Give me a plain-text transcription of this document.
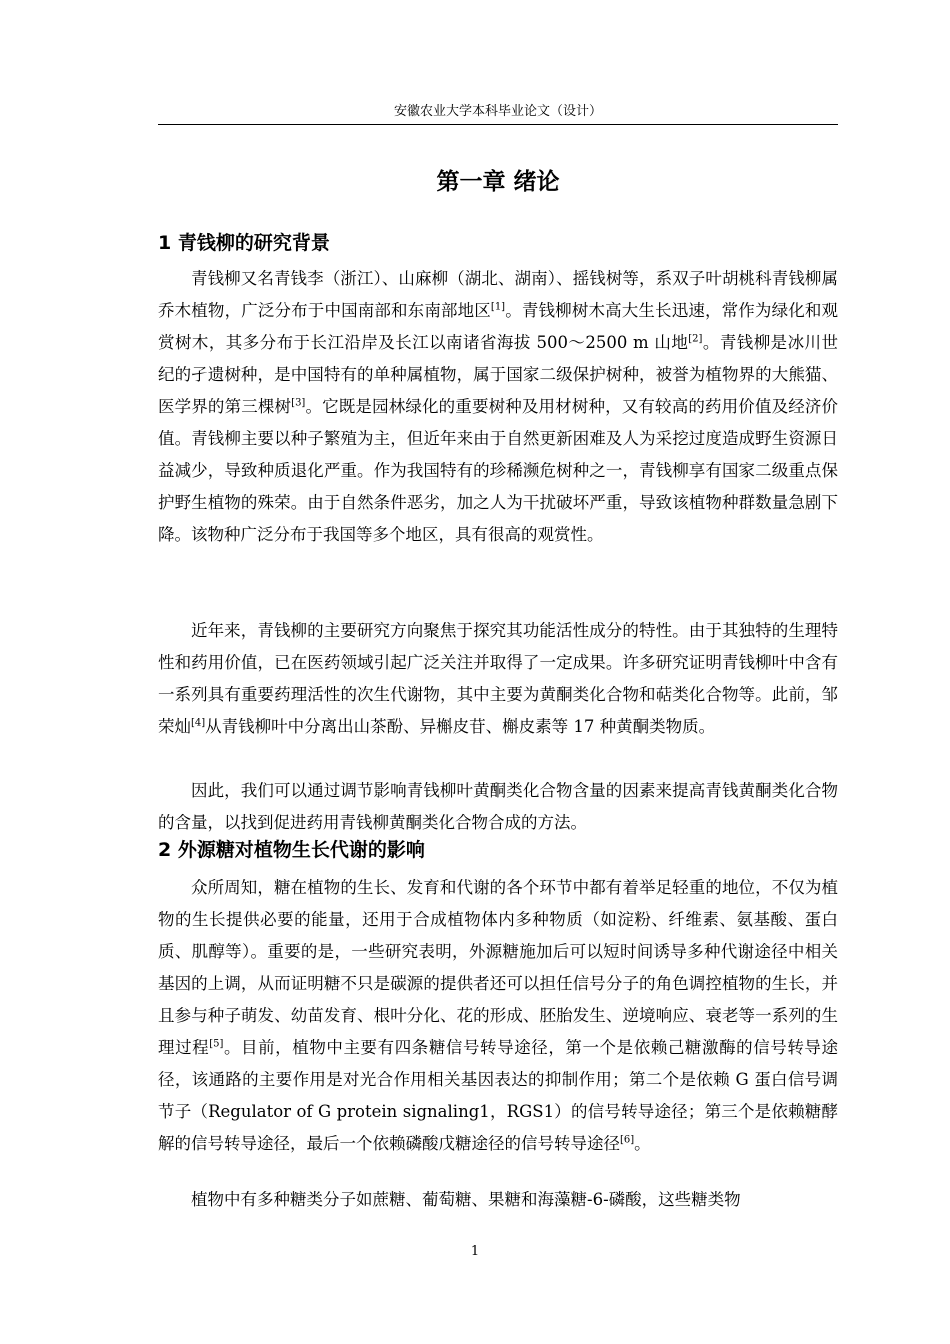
安徽农业大学本科毕业论文（设计）
第一章 绪论
1 青钱柳的研究背景

青钱柳又名青钱李（浙江）、山麻柳（湖北、湖南）、摇钱树等，系双子叶胡桃科青钱柳属乔木植物，广泛分布于中国南部和东南部地区[1]。青钱柳树木高大生长迅速，常作为绿化和观赏树木，其多分布于长江沿岸及长江以南诸省海拔 500～2500 m 山地[2]。青钱柳是冰川世纪的孑遗树种，是中国特有的单种属植物，属于国家二级保护树种，被誉为植物界的大熊猫、医学界的第三棵树[3]。它既是园林绿化的重要树种及用材树种，又有较高的药用价值及经济价值。青钱柳主要以种子繁殖为主，但近年来由于自然更新困难及人为采挖过度造成野生资源日益减少，导致种质退化严重。作为我国特有的珍稀濒危树种之一，青钱柳享有国家二级重点保护野生植物的殊荣。由于自然条件恶劣，加之人为干扰破坏严重，导致该植物种群数量急剧下降。该物种广泛分布于我国等多个地区，具有很高的观赏性。

近年来，青钱柳的主要研究方向聚焦于探究其功能活性成分的特性。由于其独特的生理特性和药用价值，已在医药领域引起广泛关注并取得了一定成果。许多研究证明青钱柳叶中含有一系列具有重要药理活性的次生代谢物，其中主要为黄酮类化合物和萜类化合物等。此前，邹荣灿[4]从青钱柳叶中分离出山茶酚、异槲皮苷、槲皮素等 17 种黄酮类物质。

因此，我们可以通过调节影响青钱柳叶黄酮类化合物含量的因素来提高青钱黄酮类化合物的含量，以找到促进药用青钱柳黄酮类化合物合成的方法。

2 外源糖对植物生长代谢的影响

众所周知，糖在植物的生长、发育和代谢的各个环节中都有着举足轻重的地位，不仅为植物的生长提供必要的能量，还用于合成植物体内多种物质（如淀粉、纤维素、氨基酸、蛋白质、肌醇等）。重要的是，一些研究表明，外源糖施加后可以短时间诱导多种代谢途径中相关基因的上调，从而证明糖不只是碳源的提供者还可以担任信号分子的角色调控植物的生长，并且参与种子萌发、幼苗发育、根叶分化、花的形成、胚胎发生、逆境响应、衰老等一系列的生理过程[5]。目前，植物中主要有四条糖信号转导途径，第一个是依赖己糖激酶的信号转导途径，该通路的主要作用是对光合作用相关基因表达的抑制作用；第二个是依赖 G 蛋白信号调节子（Regulator of G protein signaling1，RGS1）的信号转导途径；第三个是依赖糖酵解的信号转导途径，最后一个依赖磷酸戊糖途径的信号转导途径[6]。

植物中有多种糖类分子如蔗糖、葡萄糖、果糖和海藻糖-6-磷酸，这些糖类物

1
